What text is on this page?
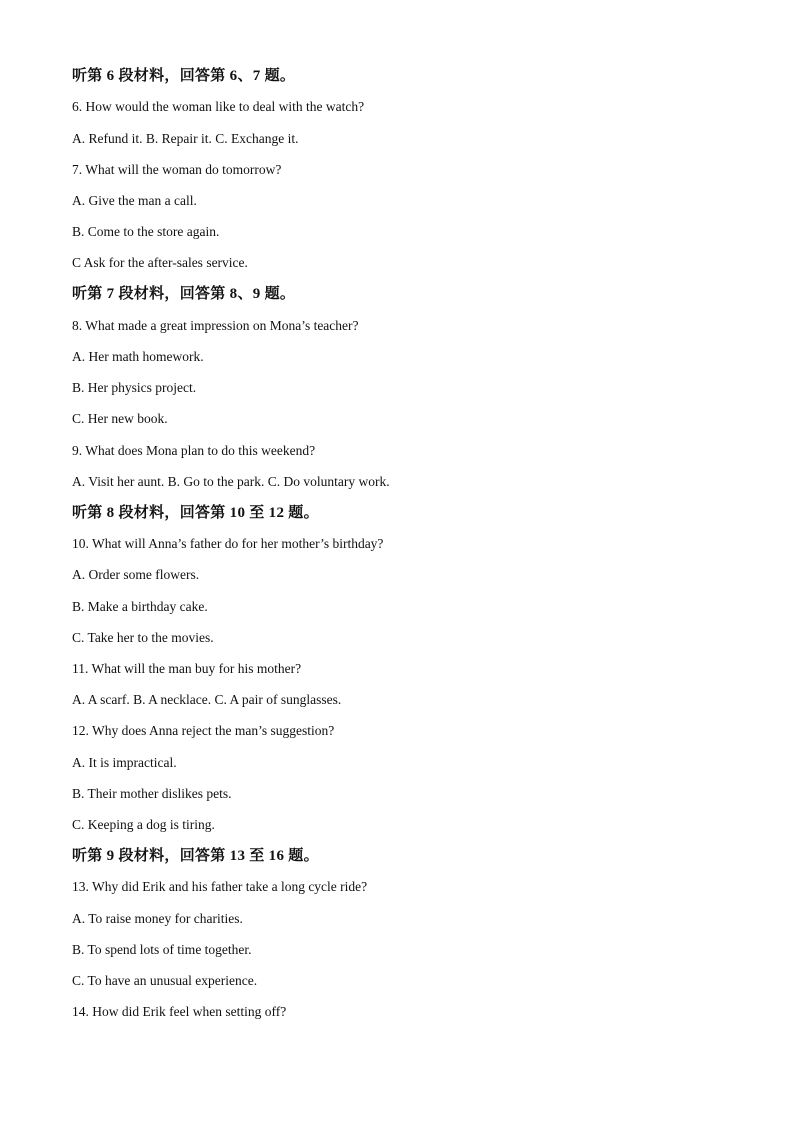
听第 6 段材料，回答第 6、7 题。
6. How would the woman like to deal with the watch?
A. Refund it. B. Repair it. C. Exchange it.
7. What will the woman do tomorrow?
A. Give the man a call.
B. Come to the store again.
C Ask for the after-sales service.
听第 7 段材料，回答第 8、9 题。
8. What made a great impression on Mona’s teacher?
A. Her math homework.
B. Her physics project.
C. Her new book.
9. What does Mona plan to do this weekend?
A. Visit her aunt. B. Go to the park. C. Do voluntary work.
听第 8 段材料，回答第 10 至 12 题。
10. What will Anna’s father do for her mother’s birthday?
A. Order some flowers.
B. Make a birthday cake.
C. Take her to the movies.
11. What will the man buy for his mother?
A. A scarf. B. A necklace. C. A pair of sunglasses.
12. Why does Anna reject the man’s suggestion?
A. It is impractical.
B. Their mother dislikes pets.
C. Keeping a dog is tiring.
听第 9 段材料，回答第 13 至 16 题。
13. Why did Erik and his father take a long cycle ride?
A. To raise money for charities.
B. To spend lots of time together.
C. To have an unusual experience.
14. How did Erik feel when setting off?
